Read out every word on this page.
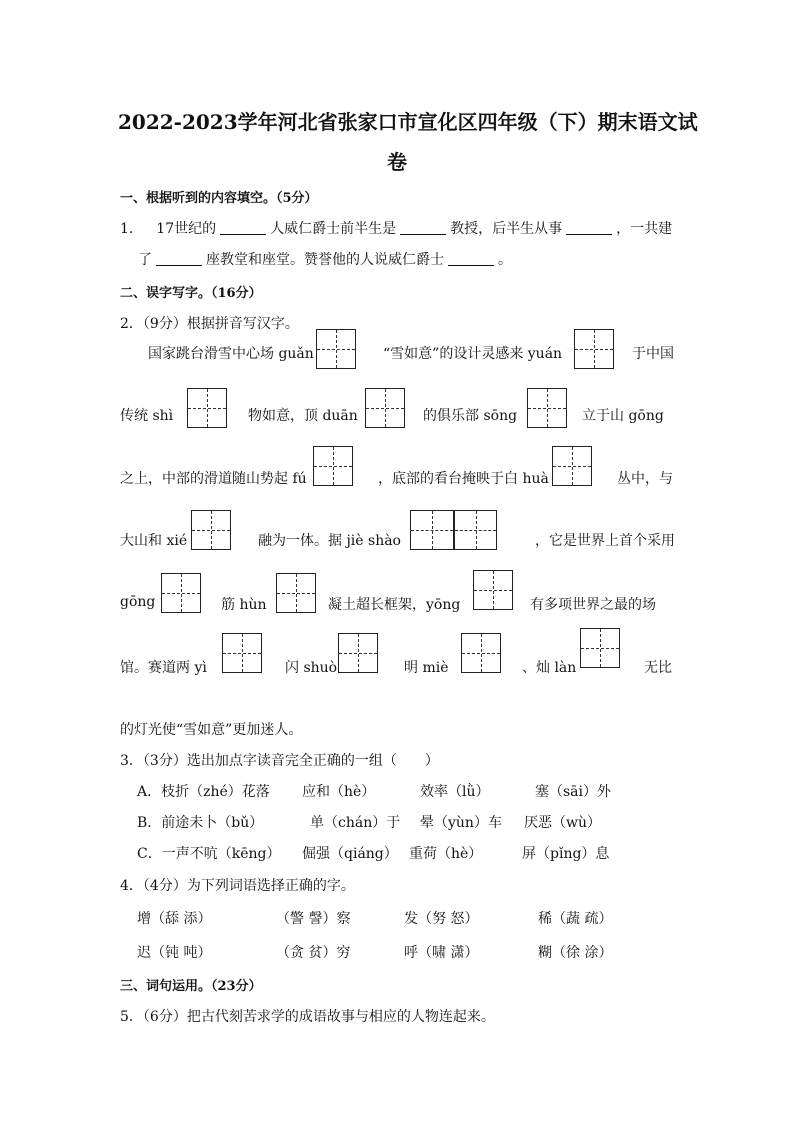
2022-2023学年河北省张家口市宣化区四年级（下）期末语文试
卷
一、根据听到的内容填空。（5分）
1． 17世纪的	人威仁爵士前半生是	教授，后半生从事	，一共建
了	座教堂和座堂。赞誉他的人说威仁爵士	。
二、误字写字。（16分）
2．（9分）根据拼音写汉字。
国家跳台滑雪中心场 guǎn	“雪如意”的设计灵感来 yuán	于中国
传统 shì	物如意，顶 duān	的俱乐部 sōng	立于山 gōng
之上，中部的滑道随山势起 fú	，底部的看台掩映于白 huà	丛中，与
大山和 xié	融为一体。据 jiè shào	，它是世界上首个采用
gōng	筋 hùn	凝土超长框架，yōng	有多项世界之最的场
馆。赛道两 yì	闪 shuò	明 miè	、灿 làn	无比
的灯光使“雪如意”更加迷人。
3．（3分）选出加点字读音完全正确的一组（　　）
A．枝折（zhé）花落 应和（hè）	效率（lǜ）	塞（sāi）外
B．前途未卜（bǔ）	单（chán）于 晕（yùn）车 厌恶（wù）
C．一声不吭（kēng） 倔强（qiáng） 重荷（hè）	屏（pǐng）息
4．（4分）为下列词语选择正确的字。
增（舔 添）	（警 謦）察	发（努 怒）	稀（蔬 疏）
迟（钝 吨）	（贪 贫）穷	呼（啸 潇）	糊（徐 涂）
三、词句运用。（23分）
5．（6分）把古代刻苦求学的成语故事与相应的人物连起来。
